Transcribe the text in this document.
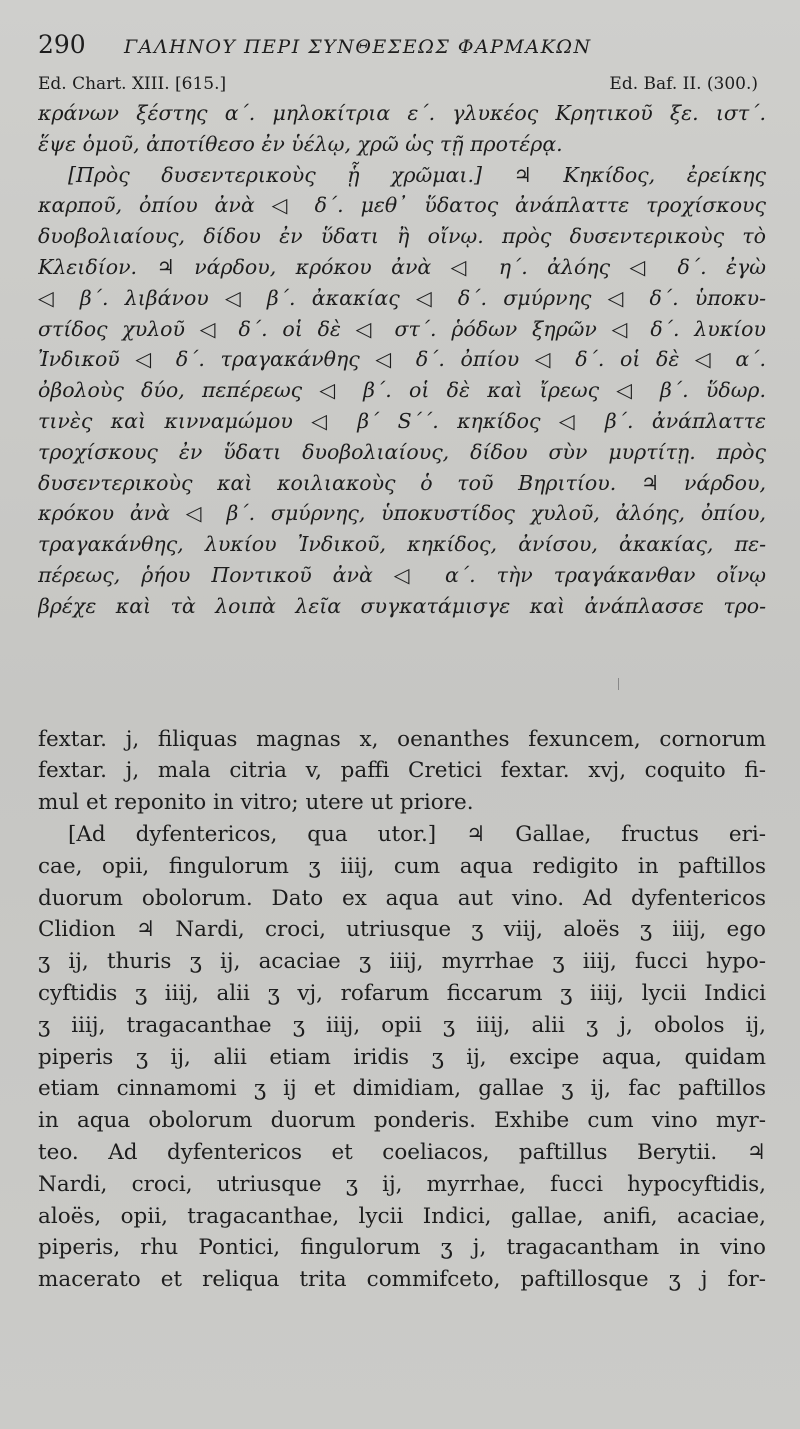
290	ΓΑΛΗΝΟΥ ΠΕΡΙ ΣΥΝΘΕΣΕΩΣ ΦΑΡΜΑΚΩΝ
Ed. Chart. XIII. [615.]	Ed. Baf. II. (300.)
κράνων ξέστης α΄. μηλοκίτρια ε΄. γλυκέος Κρητικοῦ ξε. ιστ΄.
ἕψε ὁμοῦ, ἀποτίθεσο ἐν ὑέλῳ, χρῶ ὡς τῇ προτέρᾳ.
[Πρὸς δυσεντερικοὺς ᾗ χρῶμαι.] ♃ Κηκίδος, ἐρείκης
καρποῦ, ὀπίου ἀνὰ ◁ δ΄. μεθ᾽ ὕδατος ἀνάπλαττε τροχίσκους
δυοβολιαίους, δίδου ἐν ὕδατι ἢ οἴνῳ. πρὸς δυσεντερικοὺς τὸ
Κλειδίον. ♃ νάρδου, κρόκου ἀνὰ ◁ η΄. ἀλόης ◁ δ΄. ἐγὼ
◁ β΄. λιβάνου ◁ β΄. ἀκακίας ◁ δ΄. σμύρνης ◁ δ΄. ὑποκυ-
στίδος χυλοῦ ◁ δ΄. οἱ δὲ ◁ στ΄. ῥόδων ξηρῶν ◁ δ΄. λυκίου
Ἰνδικοῦ ◁ δ΄. τραγακάνθης ◁ δ΄. ὀπίου ◁ δ΄. οἱ δὲ ◁ α΄.
ὀβολοὺς δύο, πεπέρεως ◁ β΄. οἱ δὲ καὶ ἴρεως ◁ β΄. ὕδωρ.
τινὲς καὶ κινναμώμου ◁ β΄ S΄΄. κηκίδος ◁ β΄. ἀνάπλαττε
τροχίσκους ἐν ὕδατι δυοβολιαίους, δίδου σὺν μυρτίτῃ. πρὸς
δυσεντερικοὺς καὶ κοιλιακοὺς ὁ τοῦ Βηριτίου. ♃ νάρδου,
κρόκου ἀνὰ ◁ β΄. σμύρνης, ὑποκυστίδος χυλοῦ, ἀλόης, ὀπίου,
τραγακάνθης, λυκίου Ἰνδικοῦ, κηκίδος, ἀνίσου, ἀκακίας, πε-
πέρεως, ῥήου Ποντικοῦ ἀνὰ ◁ α΄. τὴν τραγάκανθαν οἴνῳ
βρέχε καὶ τὰ λοιπὰ λεῖα συγκατάμισγε καὶ ἀνάπλασσε τρο-
fextar. j, filiquas magnas x, oenanthes fexuncem, cornorum
fextar. j, mala citria v, paffi Cretici fextar. xvj, coquito fi-
mul et reponito in vitro; utere ut priore.
[Ad dyfentericos, qua utor.] ♃ Gallae, fructus eri-
cae, opii, fingulorum ʒ iiij, cum aqua redigito in paftillos
duorum obolorum. Dato ex aqua aut vino. Ad dyfentericos
Clidion ♃ Nardi, croci, utriusque ʒ viij, aloës ʒ iiij, ego
ʒ ij, thuris ʒ ij, acaciae ʒ iiij, myrrhae ʒ iiij, fucci hypo-
cyftidis ʒ iiij, alii ʒ vj, rofarum ficcarum ʒ iiij, lycii Indici
ʒ iiij, tragacanthae ʒ iiij, opii ʒ iiij, alii ʒ j, obolos ij,
piperis ʒ ij, alii etiam iridis ʒ ij, excipe aqua, quidam
etiam cinnamomi ʒ ij et dimidiam, gallae ʒ ij, fac paftillos
in aqua obolorum duorum ponderis. Exhibe cum vino myr-
teo. Ad dyfentericos et coeliacos, paftillus Berytii. ♃
Nardi, croci, utriusque ʒ ij, myrrhae, fucci hypocyftidis,
aloës, opii, tragacanthae, lycii Indici, gallae, anifi, acaciae,
piperis, rhu Pontici, fingulorum ʒ j, tragacantham in vino
macerato et reliqua trita commifceto, paftillosque ʒ j for-
